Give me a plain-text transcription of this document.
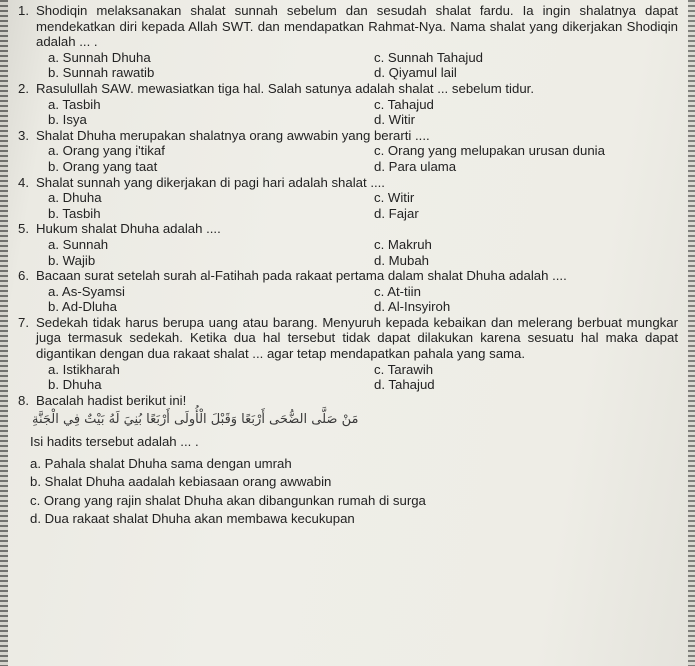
1. Shodiqin melaksanakan shalat sunnah sebelum dan sesudah shalat fardu. Ia ingin shalatnya dapat mendekatkan diri kepada Allah SWT. dan mendapatkan Rahmat-Nya. Nama shalat yang dikerjakan Shodiqin adalah ... .

a. Sunnah Dhuha	c. Sunnah Tahajud
b. Sunnah rawatib	d. Qiyamul lail
2. Rasulullah SAW. mewasiatkan tiga hal. Salah satunya adalah shalat ... sebelum tidur.

a. Tasbih	c. Tahajud
b. Isya	d. Witir
3. Shalat Dhuha merupakan shalatnya orang awwabin yang berarti ....

a. Orang yang i'tikaf	c. Orang yang melupakan urusan dunia
b. Orang yang taat	d. Para ulama
4. Shalat sunnah yang dikerjakan di pagi hari adalah shalat ....

a. Dhuha	c. Witir
b. Tasbih	d. Fajar
5. Hukum shalat Dhuha adalah ....

a. Sunnah	c. Makruh
b. Wajib	d. Mubah
6. Bacaan surat setelah surah al-Fatihah pada rakaat pertama dalam shalat Dhuha adalah ....

a. As-Syamsi	c. At-tiin
b. Ad-Dluha	d. Al-Insyiroh
7. Sedekah tidak harus berupa uang atau barang. Menyuruh kepada kebaikan dan melerang berbuat mungkar juga termasuk sedekah. Ketika dua hal tersebut tidak dapat dilakukan karena sesuatu hal maka dapat digantikan dengan dua rakaat shalat ... agar tetap mendapatkan pahala yang sama.

a. Istikharah	c. Tarawih
b. Dhuha	d. Tahajud
8. Bacalah hadist berikut ini!

مَنْ صَلَّى الضُّحَى أَرْبَعًا وَقَبْلَ الْأُولَى أَرْبَعًا بُنِيَ لَهُ بَيْتٌ فِي الْجَنَّةِ
Isi hadits tersebut adalah ... .
a. Pahala shalat Dhuha sama dengan umrah
b. Shalat Dhuha aadalah kebiasaan orang awwabin
c. Orang yang rajin shalat Dhuha akan dibangunkan rumah di surga
d. Dua rakaat shalat Dhuha akan membawa kecukupan
